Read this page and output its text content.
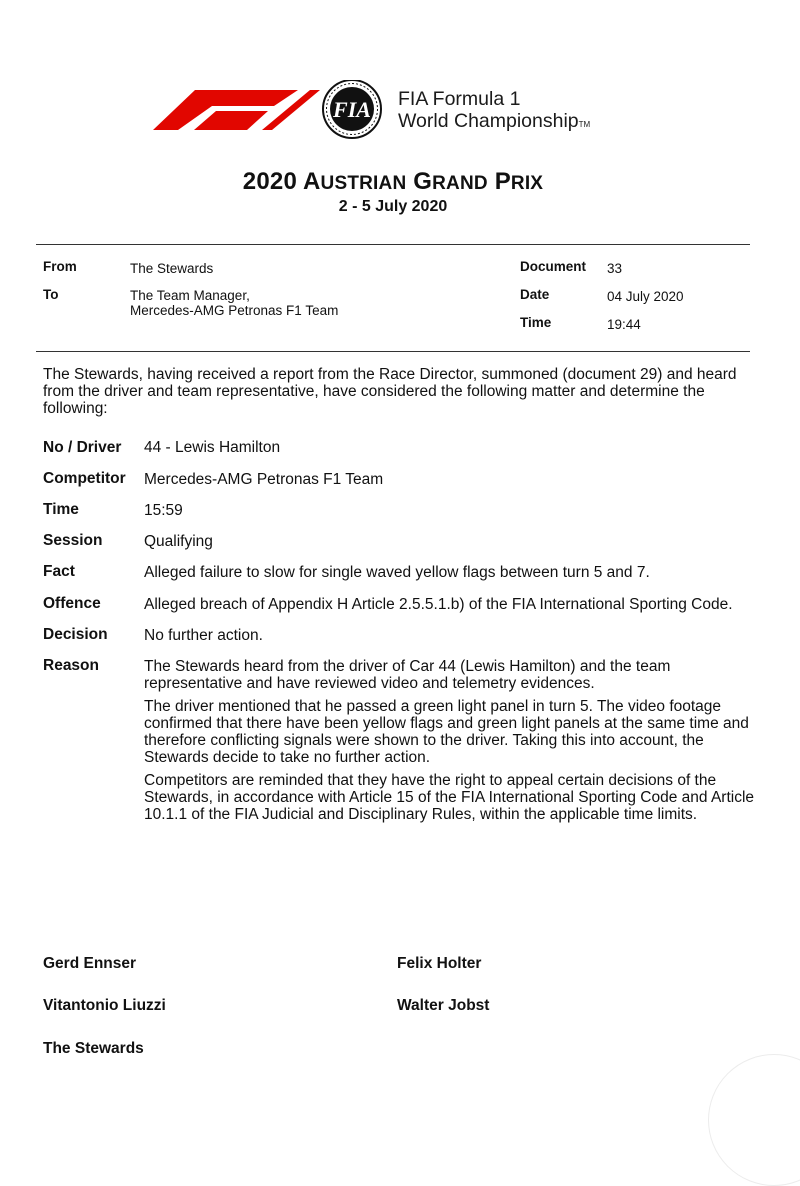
FIA FIA Formula 1
World ChampionshipTM
2020 AUSTRIAN GRAND PRIX
2 - 5 July 2020
From	The Stewards
To	The Team Manager,
Mercedes-AMG Petronas F1 Team
Document 33
Date	04 July 2020
Time	19:44
The Stewards, having received a report from the Race Director, summoned (document 29) and heard from the driver and team representative, have considered the following matter and determine the following:
No / Driver 44 - Lewis Hamilton
Competitor Mercedes-AMG Petronas F1 Team
Time	15:59
Session	Qualifying
Fact	Alleged failure to slow for single waved yellow flags between turn 5 and 7.
Offence	Alleged breach of Appendix H Article 2.5.5.1.b) of the FIA International Sporting Code.
Decision No further action.
Reason	The Stewards heard from the driver of Car 44 (Lewis Hamilton) and the team representative and have reviewed video and telemetry evidences.

The driver mentioned that he passed a green light panel in turn 5. The video footage confirmed that there have been yellow flags and green light panels at the same time and therefore conflicting signals were shown to the driver. Taking this into account, the Stewards decide to take no further action.

Competitors are reminded that they have the right to appeal certain decisions of the Stewards, in accordance with Article 15 of the FIA International Sporting Code and Article 10.1.1 of the FIA Judicial and Disciplinary Rules, within the applicable time limits.

Gerd Ennser	Felix Holter
Vitantonio Liuzzi	Walter Jobst
The Stewards
